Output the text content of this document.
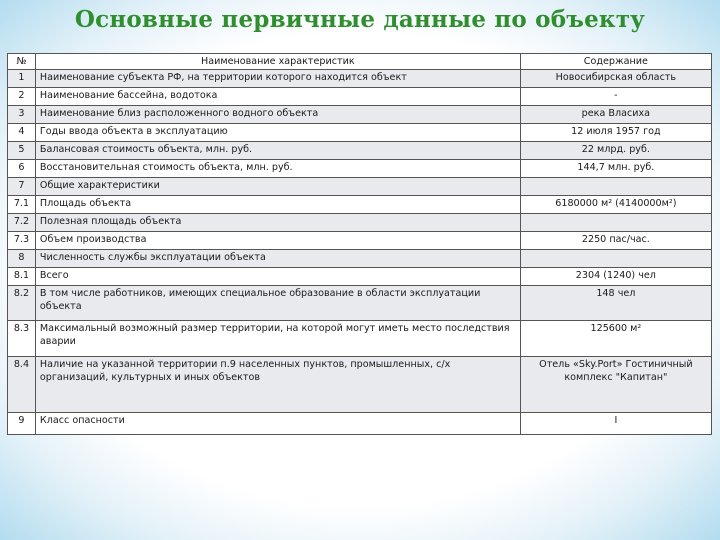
Основные первичные данные по объекту
№	Наименование характеристик	Содержание
1	Наименование субъекта РФ, на территории которого находится объект	Новосибирская область
2	Наименование бассейна, водотока	-
3	Наименование близ расположенного водного объекта	река Власиха
4	Годы ввода объекта в эксплуатацию	12 июля 1957 год
5	Балансовая стоимость объекта, млн. руб.	22 млрд. руб.
6	Восстановительная стоимость объекта, млн. руб.	144,7 млн. руб.
7	Общие характеристики	
7.1	Площадь объекта	6180000 м² (4140000м²)
7.2	Полезная площадь объекта	
7.3	Объем производства	2250 пас/час.
8	Численность службы эксплуатации объекта	
8.1	Всего	2304 (1240) чел
8.2	В том числе работников, имеющих специальное образование в области эксплуатации объекта	148 чел
8.3	Максимальный возможный размер территории, на которой могут иметь место последствия аварии	125600 м²
8.4	Наличие на указанной территории п.9 населенных пунктов, промышленных, с/х организаций, культурных и иных объектов	Отель «Sky.Port» Гостиничный комплекс "Капитан"
9	Класс опасности	I
